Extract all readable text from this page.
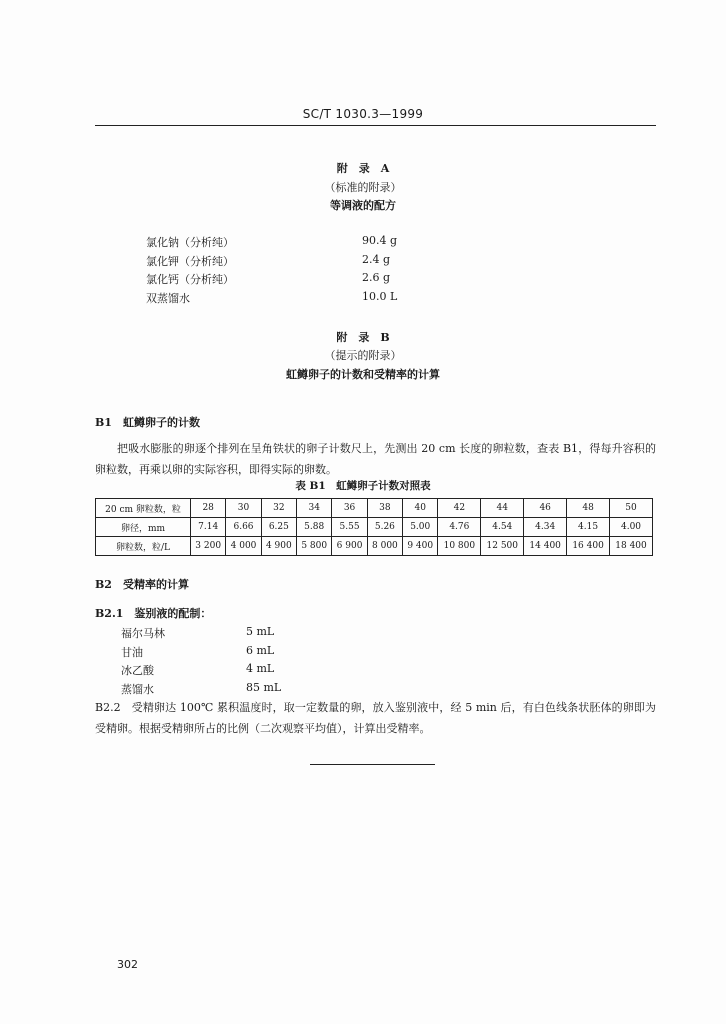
SC/T 1030.3—1999
附　录　A
（标准的附录）
等调液的配方
氯化钠（分析纯）	90.4 g
氯化钾（分析纯）	2.4 g
氯化钙（分析纯）	2.6 g
双蒸馏水	10.0 L
附　录　B
（提示的附录）
虹鳟卵子的计数和受精率的计算
B1　虹鳟卵子的计数
把吸水膨胀的卵逐个排列在呈角铁状的卵子计数尺上，先测出 20 cm 长度的卵粒数，查表 B1，得每升容积的卵粒数，再乘以卵的实际容积，即得实际的卵数。
表 B1　虹鳟卵子计数对照表
20 cm 卵粒数，粒	28	30	32	34	36	38	40	42	44	46	48	50
卵径，mm	7.14	6.66	6.25	5.88	5.55	5.26	5.00	4.76	4.54	4.34	4.15	4.00
卵粒数，粒/L	3 200	4 000	4 900	5 800	6 900	8 000	9 400	10 800	12 500	14 400	16 400	18 400
B2　受精率的计算
B2.1　鉴别液的配制：
福尔马林	5 mL
甘油	6 mL
冰乙酸	4 mL
蒸馏水	85 mL
B2.2　受精卵达 100℃ 累积温度时，取一定数量的卵，放入鉴别液中，经 5 min 后，有白色线条状胚体的卵即为受精卵。根据受精卵所占的比例（二次观察平均值），计算出受精率。
302
